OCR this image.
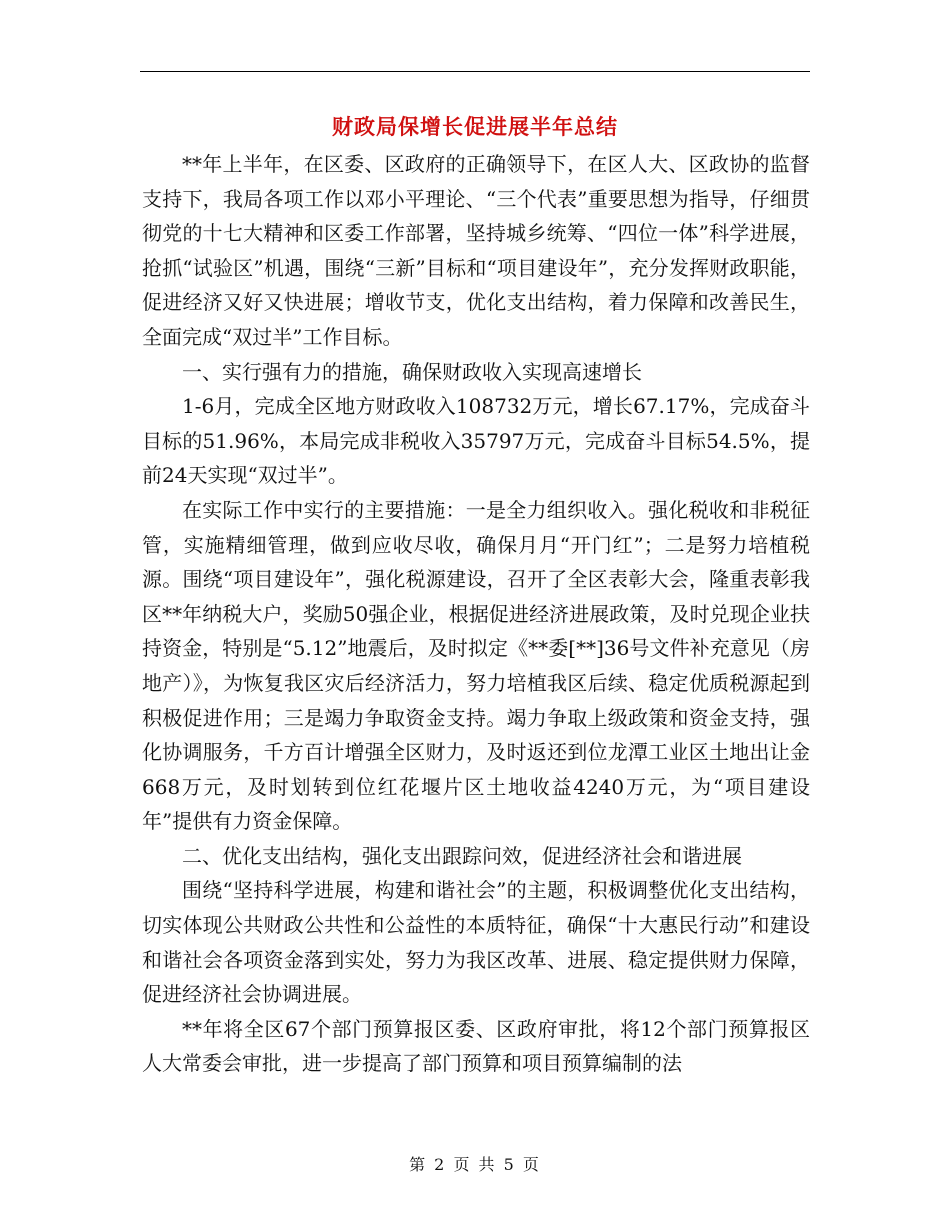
财政局保增长促进展半年总结

**年上半年，在区委、区政府的正确领导下，在区人大、区政协的监督支持下，我局各项工作以邓小平理论、“三个代表”重要思想为指导，仔细贯彻党的十七大精神和区委工作部署，坚持城乡统筹、“四位一体”科学进展，抢抓“试验区”机遇，围绕“三新”目标和“项目建设年”，充分发挥财政职能，促进经济又好又快进展；增收节支，优化支出结构，着力保障和改善民生，全面完成“双过半”工作目标。

一、实行强有力的措施，确保财政收入实现高速增长

1-6月，完成全区地方财政收入108732万元，增长67.17%，完成奋斗目标的51.96%，本局完成非税收入35797万元，完成奋斗目标54.5%，提前24天实现“双过半”。

在实际工作中实行的主要措施：一是全力组织收入。强化税收和非税征管，实施精细管理，做到应收尽收，确保月月“开门红”；二是努力培植税源。围绕“项目建设年”，强化税源建设，召开了全区表彰大会，隆重表彰我区**年纳税大户，奖励50强企业，根据促进经济进展政策，及时兑现企业扶持资金，特别是“5.12”地震后，及时拟定《**委[**]36号文件补充意见（房地产）》，为恢复我区灾后经济活力，努力培植我区后续、稳定优质税源起到积极促进作用；三是竭力争取资金支持。竭力争取上级政策和资金支持，强化协调服务，千方百计增强全区财力，及时返还到位龙潭工业区土地出让金668万元，及时划转到位红花堰片区土地收益4240万元，为“项目建设年”提供有力资金保障。

二、优化支出结构，强化支出跟踪问效，促进经济社会和谐进展

围绕“坚持科学进展，构建和谐社会”的主题，积极调整优化支出结构，切实体现公共财政公共性和公益性的本质特征，确保“十大惠民行动”和建设和谐社会各项资金落到实处，努力为我区改革、进展、稳定提供财力保障，促进经济社会协调进展。

**年将全区67个部门预算报区委、区政府审批，将12个部门预算报区人大常委会审批，进一步提高了部门预算和项目预算编制的法

第 2 页 共 5 页
